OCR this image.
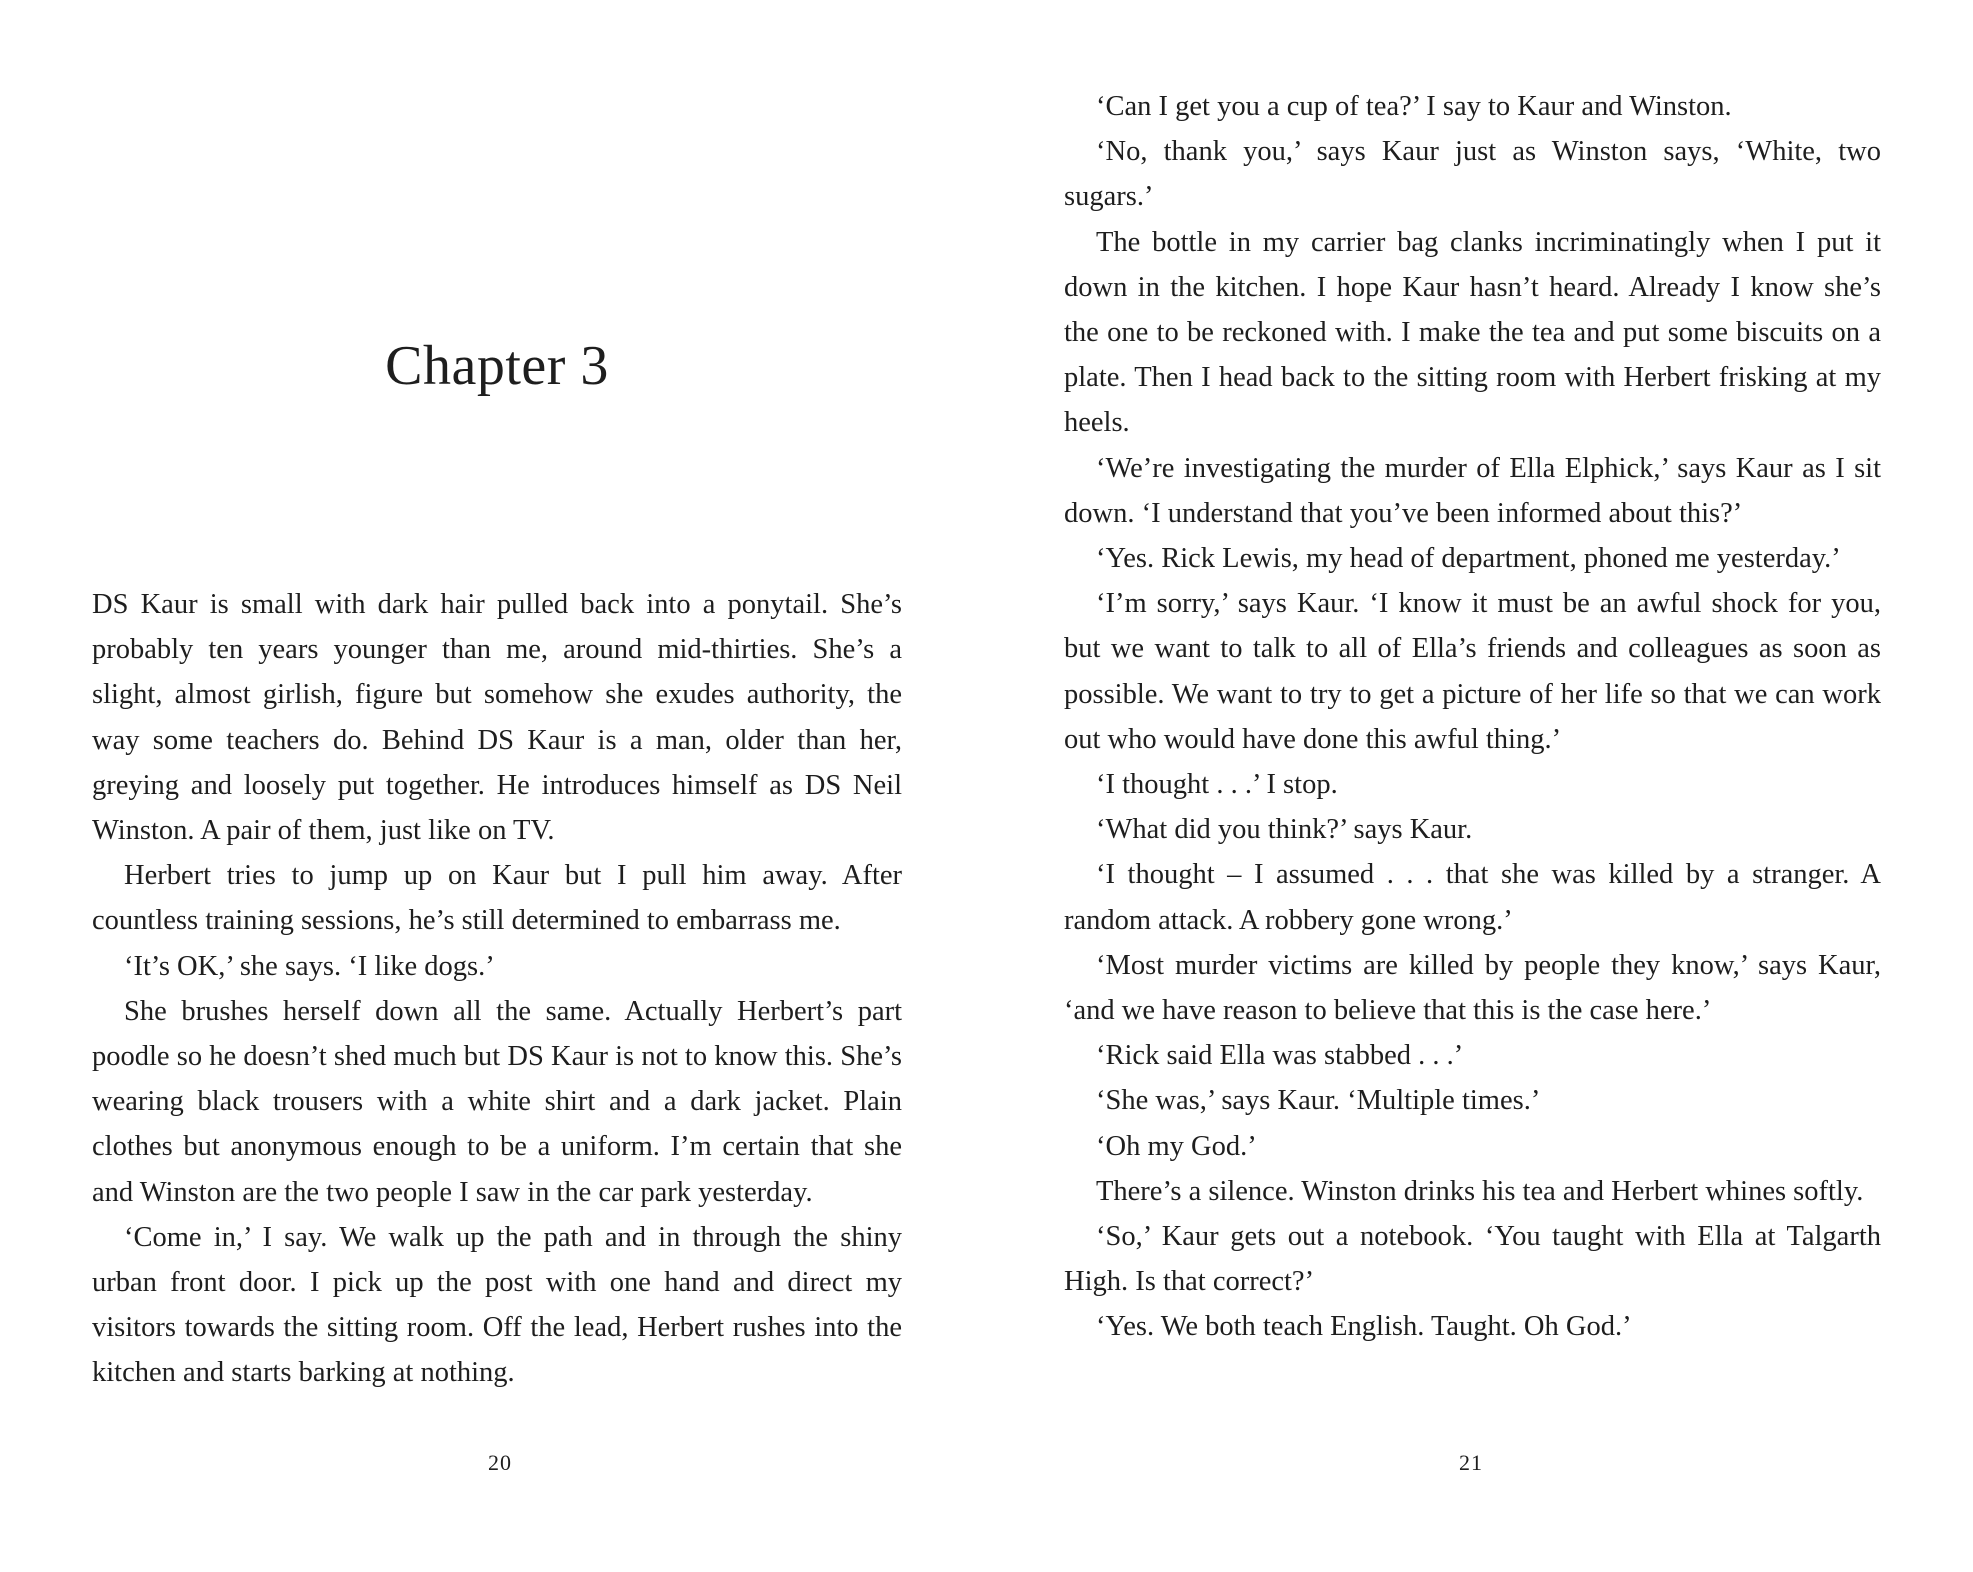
Chapter 3

DS Kaur is small with dark hair pulled back into a ponytail. She’s probably ten years younger than me, around mid-thirties. She’s a slight, almost girlish, figure but somehow she exudes authority, the way some teachers do. Behind DS Kaur is a man, older than her, greying and loosely put together. He introduces himself as DS Neil Winston. A pair of them, just like on TV.

Herbert tries to jump up on Kaur but I pull him away. After countless training sessions, he’s still determined to embarrass me.

‘It’s OK,’ she says. ‘I like dogs.’

She brushes herself down all the same. Actually Herbert’s part poodle so he doesn’t shed much but DS Kaur is not to know this. She’s wearing black trousers with a white shirt and a dark jacket. Plain clothes but anonymous enough to be a uniform. I’m certain that she and Winston are the two people I saw in the car park yesterday.

‘Come in,’ I say. We walk up the path and in through the shiny urban front door. I pick up the post with one hand and direct my visitors towards the sitting room. Off the lead, Herbert rushes into the kitchen and starts barking at nothing.

20

‘Can I get you a cup of tea?’ I say to Kaur and Winston.

‘No, thank you,’ says Kaur just as Winston says, ‘White, two sugars.’

The bottle in my carrier bag clanks incriminatingly when I put it down in the kitchen. I hope Kaur hasn’t heard. Already I know she’s the one to be reckoned with. I make the tea and put some biscuits on a plate. Then I head back to the sitting room with Herbert frisking at my heels.

‘We’re investigating the murder of Ella Elphick,’ says Kaur as I sit down. ‘I understand that you’ve been informed about this?’

‘Yes. Rick Lewis, my head of department, phoned me yesterday.’

‘I’m sorry,’ says Kaur. ‘I know it must be an awful shock for you, but we want to talk to all of Ella’s friends and colleagues as soon as possible. We want to try to get a picture of her life so that we can work out who would have done this awful thing.’

‘I thought . . .’ I stop.

‘What did you think?’ says Kaur.

‘I thought – I assumed . . . that she was killed by a stranger. A random attack. A robbery gone wrong.’

‘Most murder victims are killed by people they know,’ says Kaur, ‘and we have reason to believe that this is the case here.’

‘Rick said Ella was stabbed . . .’

‘She was,’ says Kaur. ‘Multiple times.’

‘Oh my God.’

There’s a silence. Winston drinks his tea and Herbert whines softly.

‘So,’ Kaur gets out a notebook. ‘You taught with Ella at Talgarth High. Is that correct?’

‘Yes. We both teach English. Taught. Oh God.’

21
